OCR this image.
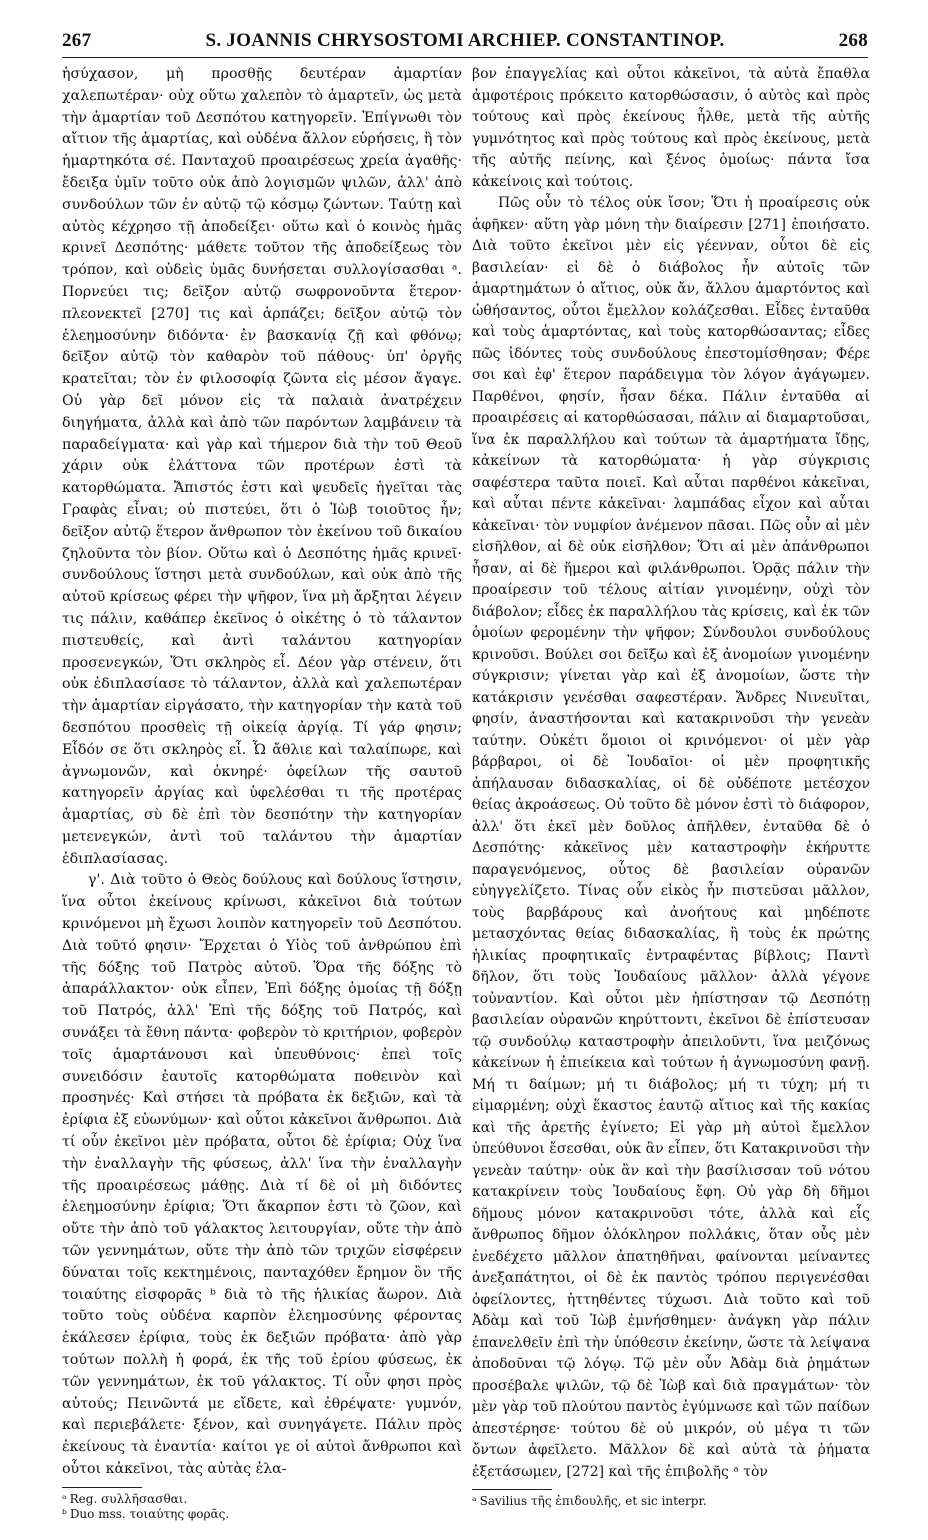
267	S. JOANNIS CHRYSOSTOMI ARCHIEP. CONSTANTINOP.	268

ἡσύχασον, μὴ προσθῇς δευτέραν ἁμαρτίαν χαλεπωτέραν· οὐχ οὕτω χαλεπὸν τὸ ἁμαρτεῖν, ὡς μετὰ τὴν ἁμαρτίαν τοῦ Δεσπότου κατηγορεῖν. Ἐπίγνωθι τὸν αἴτιον τῆς ἁμαρτίας, καὶ οὐδένα ἄλλον εὑρήσεις, ἢ τὸν ἡμαρτηκότα σέ. Πανταχοῦ προαιρέσεως χρεία ἀγαθῆς· ἔδειξα ὑμῖν τοῦτο οὐκ ἀπὸ λογισμῶν ψιλῶν, ἀλλ' ἀπὸ συνδούλων τῶν ἐν αὐτῷ τῷ κόσμῳ ζώντων. Ταύτῃ καὶ αὐτὸς κέχρησο τῇ ἀποδείξει· οὕτω καὶ ὁ κοινὸς ἡμᾶς κρινεῖ Δεσπότης· μάθετε τοῦτον τῆς ἀποδείξεως τὸν τρόπον, καὶ οὐδεὶς ὑμᾶς δυνήσεται συλλογίσασθαι ᵃ. Πορνεύει τις; δεῖξον αὐτῷ σωφρονοῦντα ἕτερον· πλεονεκτεῖ [270] τις καὶ ἁρπάζει; δεῖξον αὐτῷ τὸν ἐλεημοσύνην διδόντα· ἐν βασκανίᾳ ζῇ καὶ φθόνῳ; δεῖξον αὐτῷ τὸν καθαρὸν τοῦ πάθους· ὑπ' ὀργῆς κρατεῖται; τὸν ἐν φιλοσοφίᾳ ζῶντα εἰς μέσον ἄγαγε. Οὐ γὰρ δεῖ μόνον εἰς τὰ παλαιὰ ἀνατρέχειν διηγήματα, ἀλλὰ καὶ ἀπὸ τῶν παρόντων λαμβάνειν τὰ παραδείγματα· καὶ γὰρ καὶ τήμερον διὰ τὴν τοῦ Θεοῦ χάριν οὐκ ἐλάττονα τῶν προτέρων ἐστὶ τὰ κατορθώματα. Ἄπιστός ἐστι καὶ ψευδεῖς ἡγεῖται τὰς Γραφὰς εἶναι; οὐ πιστεύει, ὅτι ὁ Ἰὼβ τοιοῦτος ἦν; δεῖξον αὐτῷ ἕτερον ἄνθρωπον τὸν ἐκείνου τοῦ δικαίου ζηλοῦντα τὸν βίον. Οὕτω καὶ ὁ Δεσπότης ἡμᾶς κρινεῖ· συνδούλους ἵστησι μετὰ συνδούλων, καὶ οὐκ ἀπὸ τῆς αὐτοῦ κρίσεως φέρει τὴν ψῆφον, ἵνα μὴ ἄρξηται λέγειν τις πάλιν, καθάπερ ἐκεῖνος ὁ οἰκέτης ὁ τὸ τάλαντον πιστευθείς, καὶ ἀντὶ ταλάντου κατηγορίαν προσενεγκών, Ὅτι σκληρὸς εἶ. Δέον γὰρ στένειν, ὅτι οὐκ ἐδιπλασίασε τὸ τάλαντον, ἀλλὰ καὶ χαλεπωτέραν τὴν ἁμαρτίαν εἰργάσατο, τὴν κατηγορίαν τὴν κατὰ τοῦ δεσπότου προσθεὶς τῇ οἰκείᾳ ἀργίᾳ. Τί γάρ φησιν; Εἶδόν σε ὅτι σκληρὸς εἶ. Ὦ ἄθλιε καὶ ταλαίπωρε, καὶ ἀγνωμονῶν, καὶ ὀκνηρέ· ὀφείλων τῆς σαυτοῦ κατηγορεῖν ἀργίας καὶ ὑφελέσθαι τι τῆς προτέρας ἁμαρτίας, σὺ δὲ ἐπὶ τὸν δεσπότην τὴν κατηγορίαν μετενεγκών, ἀντὶ τοῦ ταλάντου τὴν ἁμαρτίαν ἐδιπλασίασας.

γ'. Διὰ τοῦτο ὁ Θεὸς δούλους καὶ δούλους ἵστησιν, ἵνα οὗτοι ἐκείνους κρίνωσι, κἀκεῖνοι διὰ τούτων κρινόμενοι μὴ ἔχωσι λοιπὸν κατηγορεῖν τοῦ Δεσπότου. Διὰ τοῦτό φησιν· Ἔρχεται ὁ Υἱὸς τοῦ ἀνθρώπου ἐπὶ τῆς δόξης τοῦ Πατρὸς αὐτοῦ. Ὅρα τῆς δόξης τὸ ἀπαράλλακτον· οὐκ εἶπεν, Ἐπὶ δόξης ὁμοίας τῇ δόξῃ τοῦ Πατρός, ἀλλ' Ἐπὶ τῆς δόξης τοῦ Πατρός, καὶ συνάξει τὰ ἔθνη πάντα· φοβερὸν τὸ κριτήριον, φοβερὸν τοῖς ἁμαρτάνουσι καὶ ὑπευθύνοις· ἐπεὶ τοῖς συνειδόσιν ἑαυτοῖς κατορθώματα ποθεινὸν καὶ προσηνές· Καὶ στήσει τὰ πρόβατα ἐκ δεξιῶν, καὶ τὰ ἐρίφια ἐξ εὐωνύμων· καὶ οὗτοι κἀκεῖνοι ἄνθρωποι. Διὰ τί οὖν ἐκεῖνοι μὲν πρόβατα, οὗτοι δὲ ἐρίφια; Οὐχ ἵνα τὴν ἐναλλαγὴν τῆς φύσεως, ἀλλ' ἵνα τὴν ἐναλλαγὴν τῆς προαιρέσεως μάθῃς. Διὰ τί δὲ οἱ μὴ διδόντες ἐλεημοσύνην ἐρίφια; Ὅτι ἄκαρπον ἐστι τὸ ζῶον, καὶ οὔτε τὴν ἀπὸ τοῦ γάλακτος λειτουργίαν, οὔτε τὴν ἀπὸ τῶν γεννημάτων, οὔτε τὴν ἀπὸ τῶν τριχῶν εἰσφέρειν δύναται τοῖς κεκτημένοις, πανταχόθεν ἔρημον ὂν τῆς τοιαύτης εἰσφορᾶς ᵇ διὰ τὸ τῆς ἡλικίας ἄωρον. Διὰ τοῦτο τοὺς οὐδένα καρπὸν ἐλεημοσύνης φέροντας ἐκάλεσεν ἐρίφια, τοὺς ἐκ δεξιῶν πρόβατα· ἀπὸ γὰρ τούτων πολλὴ ἡ φορά, ἐκ τῆς τοῦ ἐρίου φύσεως, ἐκ τῶν γεννημάτων, ἐκ τοῦ γάλακτος. Τί οὖν φησι πρὸς αὐτούς; Πεινῶντά με εἴδετε, καὶ ἐθρέψατε· γυμνόν, καὶ περιεβάλετε· ξένον, καὶ συνηγάγετε. Πάλιν πρὸς ἐκείνους τὰ ἐναντία· καίτοι γε οἱ αὐτοὶ ἄνθρωποι καὶ οὗτοι κἀκεῖνοι, τὰς αὐτὰς ἐλα-

ᵃ Reg. συλλῆσασθαι.

ᵇ Duo mss. τοιαύτης φορᾶς.

βον ἐπαγγελίας καὶ οὗτοι κἀκεῖνοι, τὰ αὐτὰ ἔπαθλα ἀμφοτέροις πρόκειτο κατορθώσασιν, ὁ αὐτὸς καὶ πρὸς τούτους καὶ πρὸς ἐκείνους ἦλθε, μετὰ τῆς αὐτῆς γυμνότητος καὶ πρὸς τούτους καὶ πρὸς ἐκείνους, μετὰ τῆς αὐτῆς πείνης, καὶ ξένος ὁμοίως· πάντα ἴσα κἀκείνοις καὶ τούτοις.

Πῶς οὖν τὸ τέλος οὐκ ἴσον; Ὅτι ἡ προαίρεσις οὐκ ἀφῆκεν· αὕτη γὰρ μόνη τὴν διαίρεσιν [271] ἐποιήσατο. Διὰ τοῦτο ἐκεῖνοι μὲν εἰς γέενναν, οὗτοι δὲ εἰς βασιλείαν· εἰ δὲ ὁ διάβολος ἦν αὐτοῖς τῶν ἁμαρτημάτων ὁ αἴτιος, οὐκ ἄν, ἄλλου ἁμαρτόντος καὶ ὠθήσαντος, οὗτοι ἔμελλον κολάζεσθαι. Εἶδες ἐνταῦθα καὶ τοὺς ἁμαρτόντας, καὶ τοὺς κατορθώσαντας; εἶδες πῶς ἰδόντες τοὺς συνδούλους ἐπεστομίσθησαν; Φέρε σοι καὶ ἐφ' ἕτερον παράδειγμα τὸν λόγον ἀγάγωμεν. Παρθένοι, φησίν, ἦσαν δέκα. Πάλιν ἐνταῦθα αἱ προαιρέσεις αἱ κατορθώσασαι, πάλιν αἱ διαμαρτοῦσαι, ἵνα ἐκ παραλλήλου καὶ τούτων τὰ ἁμαρτήματα ἴδῃς, κἀκείνων τὰ κατορθώματα· ἡ γὰρ σύγκρισις σαφέστερα ταῦτα ποιεῖ. Καὶ αὗται παρθένοι κἀκεῖναι, καὶ αὗται πέντε κἀκεῖναι· λαμπάδας εἶχον καὶ αὗται κἀκεῖναι· τὸν νυμφίον ἀνέμενον πᾶσαι. Πῶς οὖν αἱ μὲν εἰσῆλθον, αἱ δὲ οὐκ εἰσῆλθον; Ὅτι αἱ μὲν ἀπάνθρωποι ἦσαν, αἱ δὲ ἥμεροι καὶ φιλάνθρωποι. Ὁρᾷς πάλιν τὴν προαίρεσιν τοῦ τέλους αἰτίαν γινομένην, οὐχὶ τὸν διάβολον; εἶδες ἐκ παραλλήλου τὰς κρίσεις, καὶ ἐκ τῶν ὁμοίων φερομένην τὴν ψῆφον; Σύνδουλοι συνδούλους κρινοῦσι. Βούλει σοι δεῖξω καὶ ἐξ ἀνομοίων γινομένην σύγκρισιν; γίνεται γὰρ καὶ ἐξ ἀνομοίων, ὥστε τὴν κατάκρισιν γενέσθαι σαφεστέραν. Ἄνδρες Νινευῖται, φησίν, ἀναστήσονται καὶ κατακρινοῦσι τὴν γενεὰν ταύτην. Οὐκέτι ὅμοιοι οἱ κρινόμενοι· οἱ μὲν γὰρ βάρβαροι, οἱ δὲ Ἰουδαῖοι· οἱ μὲν προφητικῆς ἀπήλαυσαν διδασκαλίας, οἱ δὲ οὐδέποτε μετέσχον θείας ἀκροάσεως. Οὐ τοῦτο δὲ μόνον ἐστὶ τὸ διάφορον, ἀλλ' ὅτι ἐκεῖ μὲν δοῦλος ἀπῆλθεν, ἐνταῦθα δὲ ὁ Δεσπότης· κἀκεῖνος μὲν καταστροφὴν ἐκήρυττε παραγενόμενος, οὗτος δὲ βασιλείαν οὐρανῶν εὐηγγελίζετο. Τίνας οὖν εἰκὸς ἦν πιστεῦσαι μᾶλλον, τοὺς βαρβάρους καὶ ἀνοήτους καὶ μηδέποτε μετασχόντας θείας διδασκαλίας, ἢ τοὺς ἐκ πρώτης ἡλικίας προφητικαῖς ἐντραφέντας βίβλοις; Παντὶ δῆλον, ὅτι τοὺς Ἰουδαίους μᾶλλον· ἀλλὰ γέγονε τοὐναντίον. Καὶ οὗτοι μὲν ἠπίστησαν τῷ Δεσπότῃ βασιλείαν οὐρανῶν κηρύττοντι, ἐκεῖνοι δὲ ἐπίστευσαν τῷ συνδούλῳ καταστροφὴν ἀπειλοῦντι, ἵνα μειζόνως κἀκείνων ἡ ἐπιείκεια καὶ τούτων ἡ ἀγνωμοσύνη φανῇ. Μή τι δαίμων; μή τι διάβολος; μή τι τύχη; μή τι εἱμαρμένη; οὐχὶ ἕκαστος ἑαυτῷ αἴτιος καὶ τῆς κακίας καὶ τῆς ἀρετῆς ἐγίνετο; Εἰ γὰρ μὴ αὐτοὶ ἔμελλον ὑπεύθυνοι ἔσεσθαι, οὐκ ἂν εἶπεν, ὅτι Κατακρινοῦσι τὴν γενεὰν ταύτην· οὐκ ἂν καὶ τὴν βασίλισσαν τοῦ νότου κατακρίνειν τοὺς Ἰουδαίους ἔφη. Οὐ γὰρ δὴ δῆμοι δῆμους μόνον κατακρινοῦσι τότε, ἀλλὰ καὶ εἷς ἄνθρωπος δῆμον ὁλόκληρον πολλάκις, ὅταν οὗς μὲν ἐνεδέχετο μᾶλλον ἀπατηθῆναι, φαίνονται μείναντες ἀνεξαπάτητοι, οἱ δὲ ἐκ παντὸς τρόπου περιγενέσθαι ὀφείλοντες, ἡττηθέντες τύχωσι. Διὰ τοῦτο καὶ τοῦ Ἀδὰμ καὶ τοῦ Ἰὼβ ἐμνήσθημεν· ἀνάγκη γὰρ πάλιν ἐπανελθεῖν ἐπὶ τὴν ὑπόθεσιν ἐκείνην, ὥστε τὰ λείψανα ἀποδοῦναι τῷ λόγῳ. Τῷ μὲν οὖν Ἀδὰμ διὰ ῥημάτων προσέβαλε ψιλῶν, τῷ δὲ Ἰὼβ καὶ διὰ πραγμάτων· τὸν μὲν γὰρ τοῦ πλούτου παντὸς ἐγύμνωσε καὶ τῶν παίδων ἀπεστέρησε· τούτου δὲ οὐ μικρόν, οὐ μέγα τι τῶν ὄντων ἀφεῖλετο. Μᾶλλον δὲ καὶ αὐτὰ τὰ ῥήματα ἐξετάσωμεν, [272] καὶ τῆς ἐπιβολῆς ᵃ τὸν

ᵃ Savilius τῆς ἐπιδουλῆς, et sic interpr.
